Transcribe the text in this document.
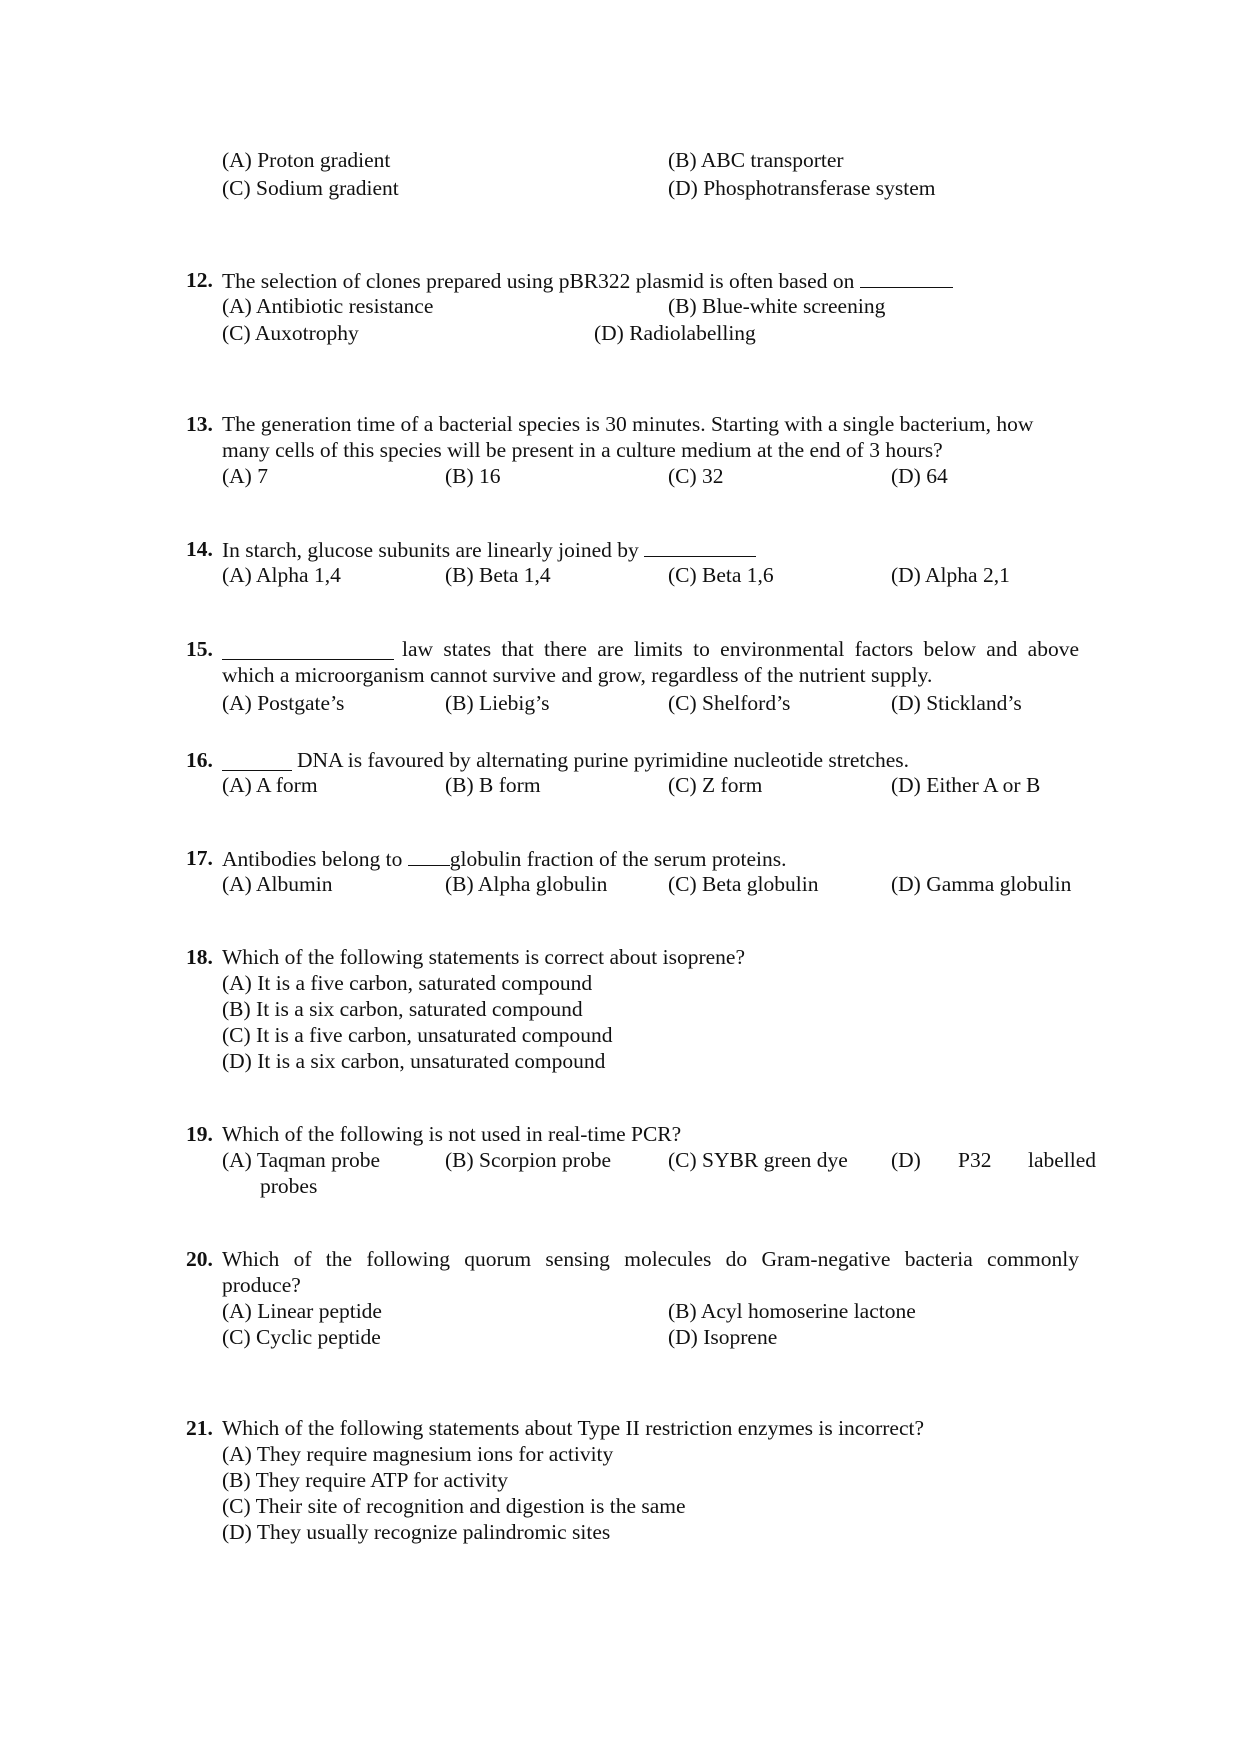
(A) Proton gradient	(B) ABC transporter
(C) Sodium gradient	(D) Phosphotransferase system
12. The selection of clones prepared using pBR322 plasmid is often based on
(A) Antibiotic resistance	(B) Blue-white screening
(C) Auxotrophy	(D) Radiolabelling
13. The generation time of a bacterial species is 30 minutes. Starting with a single bacterium, how
many cells of this species will be present in a culture medium at the end of 3 hours?
(A) 7	(B) 16	(C) 32	(D) 64
14. In starch, glucose subunits are linearly joined by
(A) Alpha 1,4	(B) Beta 1,4	(C) Beta 1,6	(D) Alpha 2,1
15.	law states that there are limits to environmental factors below and above
which a microorganism cannot survive and grow, regardless of the nutrient supply.
(A) Postgate’s	(B) Liebig’s	(C) Shelford’s	(D) Stickland’s
16.	DNA is favoured by alternating purine pyrimidine nucleotide stretches.
(A) A form	(B) B form	(C) Z form	(D) Either A or B
17. Antibodies belong to globulin fraction of the serum proteins.
(A) Albumin	(B) Alpha globulin	(C) Beta globulin	(D) Gamma globulin
18. Which of the following statements is correct about isoprene?
(A) It is a five carbon, saturated compound
(B) It is a six carbon, saturated compound
(C) It is a five carbon, unsaturated compound
(D) It is a six carbon, unsaturated compound
19. Which of the following is not used in real-time PCR?
(A) Taqman probe	(B) Scorpion probe	(C) SYBR green dye (D) P32 labelled
probes
20. Which of the following quorum sensing molecules do Gram-negative bacteria commonly
produce?
(A) Linear peptide	(B) Acyl homoserine lactone
(C) Cyclic peptide	(D) Isoprene
21. Which of the following statements about Type II restriction enzymes is incorrect?
(A) They require magnesium ions for activity
(B) They require ATP for activity
(C) Their site of recognition and digestion is the same
(D) They usually recognize palindromic sites
